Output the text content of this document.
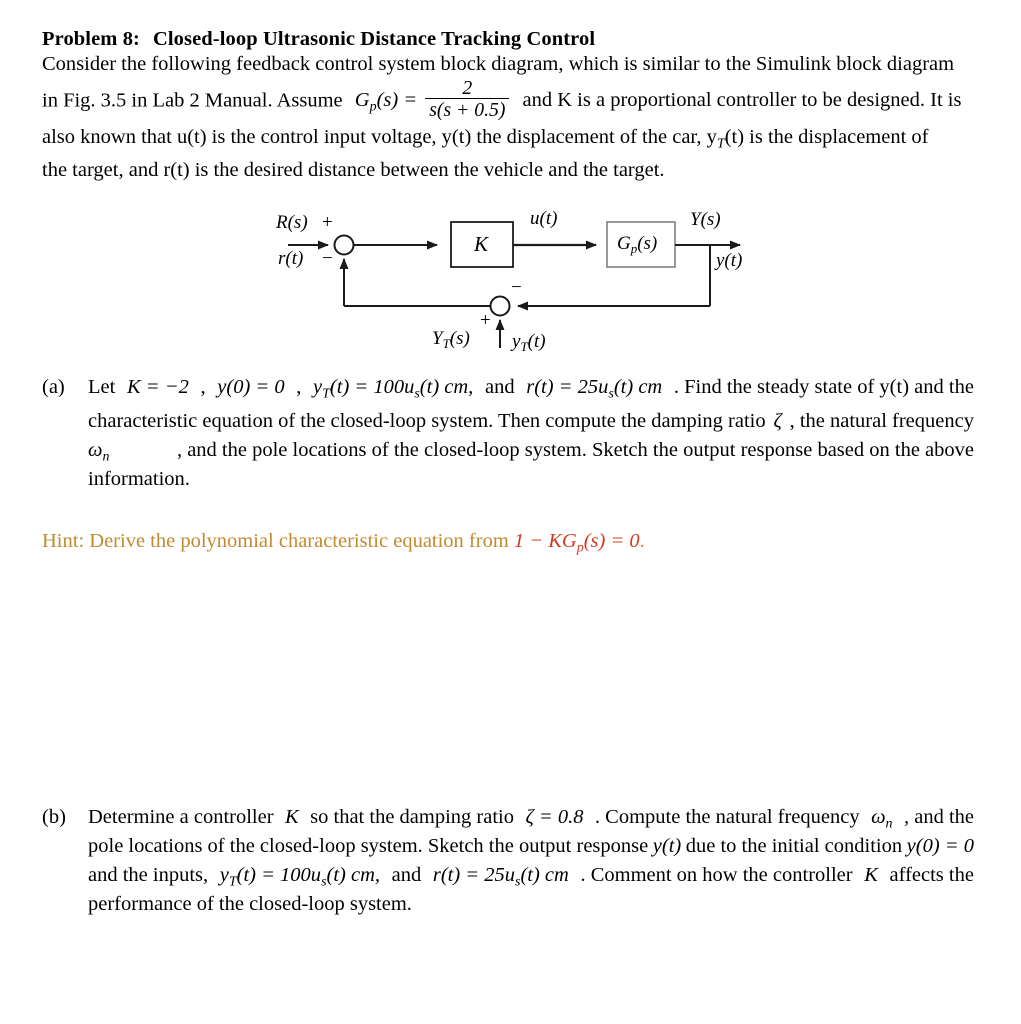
Problem 8: Closed-loop Ultrasonic Distance Tracking Control
Consider the following feedback control system block diagram, which is similar to the Simulink block diagram
in Fig. 3.5 in Lab 2 Manual. Assume $G_p(s) = \frac{2}{s(s + 0.5)}$ and K is a proportional controller to be designed. It is
also known that u(t) is the control input voltage, y(t) the displacement of the car, $y_T(t)$ is the displacement of
the target, and r(t) is the desired distance between the vehicle and the target.
R(s)
r(t)
+
−
K
u(t)
$G_p(s)$
Y(s)
y(t)
−
+
$Y_T(s)$ $y_T(t)$
(a)	Let K = −2 , y(0) = 0 , $y_T(t) = 100u_s(t)$ cm, and $r(t) = 25u_s(t)$ cm . Find the steady state of y(t) and the
characteristic equation of the closed-loop system. Then compute the damping ratio ζ , the natural frequency
$\omega_n$	, and the pole locations of the closed-loop system. Sketch the output response based on the above
information.
Hint: Derive the polynomial characteristic equation from $1 - KG_p(s) = 0$.
(b)	Determine a controller K so that the damping ratio ζ = 0.8 . Compute the natural frequency $\omega_n$ , and the
pole locations of the closed-loop system. Sketch the output response y(t) due to the initial condition y(0) = 0
and the inputs, $y_T(t) = 100u_s(t)$ cm, and $r(t) = 25u_s(t)$ cm . Comment on how the controller K affects the
performance of the closed-loop system.
